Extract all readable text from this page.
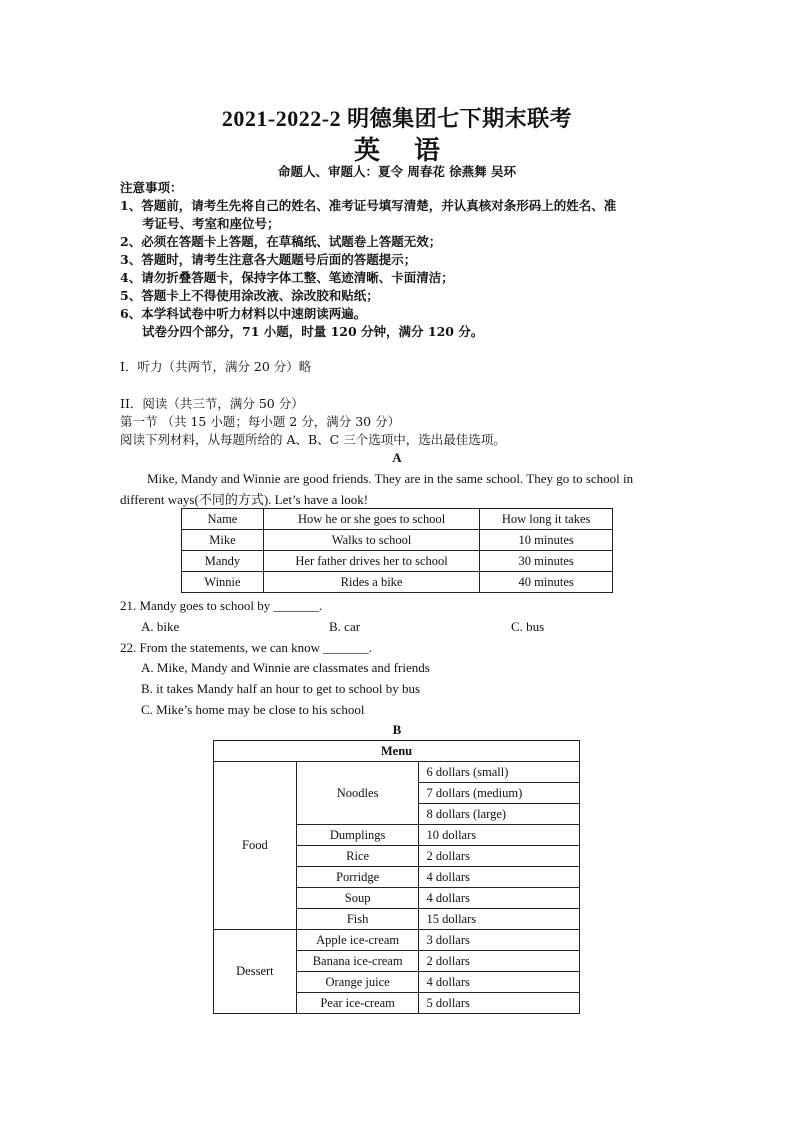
2021-2022-2 明德集团七下期末联考
英语
命题人、审题人：夏令 周春花 徐燕舞 吴环
注意事项：
1、答题前，请考生先将自己的姓名、准考证号填写清楚，并认真核对条形码上的姓名、准
考证号、考室和座位号；
2、必须在答题卡上答题，在草稿纸、试题卷上答题无效；
3、答题时，请考生注意各大题题号后面的答题提示；
4、请勿折叠答题卡，保持字体工整、笔迹清晰、卡面清洁；
5、答题卡上不得使用涂改液、涂改胶和贴纸；
6、本学科试卷中听力材料以中速朗读两遍。
试卷分四个部分，71 小题，时量 120 分钟，满分 120 分。
I．听力（共两节，满分 20 分）略
II．阅读（共三节，满分 50 分）
第一节 （共 15 小题；每小题 2 分，满分 30 分）
阅读下列材料，从每题所给的 A、B、C 三个选项中，选出最佳选项。
A
Mike, Mandy and Winnie are good friends. They are in the same school. They go to school in
different ways(不同的方式). Let’s have a look!
Name	How he or she goes to school	How long it takes
Mike	Walks to school	10 minutes
Mandy	Her father drives her to school	30 minutes
Winnie	Rides a bike	40 minutes
21. Mandy goes to school by _______.
A. bike	B. car	C. bus
22. From the statements, we can know _______.
A. Mike, Mandy and Winnie are classmates and friends
B. it takes Mandy half an hour to get to school by bus
C. Mike’s home may be close to his school
B
Menu		
Food	Noodles	6 dollars (small)
		7 dollars (medium)
		8 dollars (large)
	Dumplings	10 dollars
	Rice	2 dollars
	Porridge	4 dollars
	Soup	4 dollars
	Fish	15 dollars
Dessert	Apple ice-cream	3 dollars
	Banana ice-cream	2 dollars
	Orange juice	4 dollars
	Pear ice-cream	5 dollars
